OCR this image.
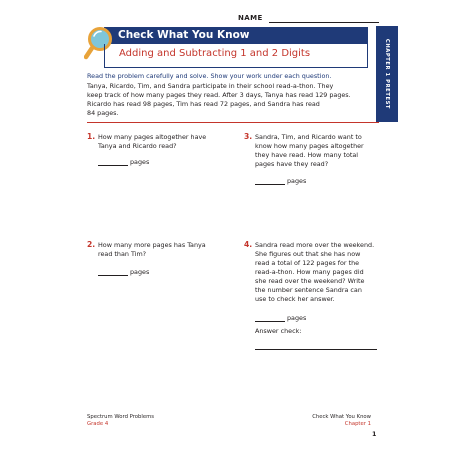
NAME
CHAPTER 1 PRETEST
Check What You Know
Adding and Subtracting 1 and 2 Digits
Read the problem carefully and solve. Show your work under each question.

Tanya, Ricardo, Tim, and Sandra participate in their school read-a-thon. They

keep track of how many pages they read. After 3 days, Tanya has read 129 pages.

Ricardo has read 98 pages, Tim has read 72 pages, and Sandra has read

84 pages.

1. How many pages altogether have

Tanya and Ricardo read?

pages
2. How many more pages has Tanya

read than Tim?

pages
3. Sandra, Tim, and Ricardo want to

know how many pages altogether

they have read. How many total

pages have they read?

pages
4. Sandra read more over the weekend.

She figures out that she has now

read a total of 122 pages for the

read-a-thon. How many pages did

she read over the weekend? Write

the number sentence Sandra can

use to check her answer.

pages
Answer check:
Spectrum Word Problems
Grade 4
Check What You Know
Chapter 1
1
